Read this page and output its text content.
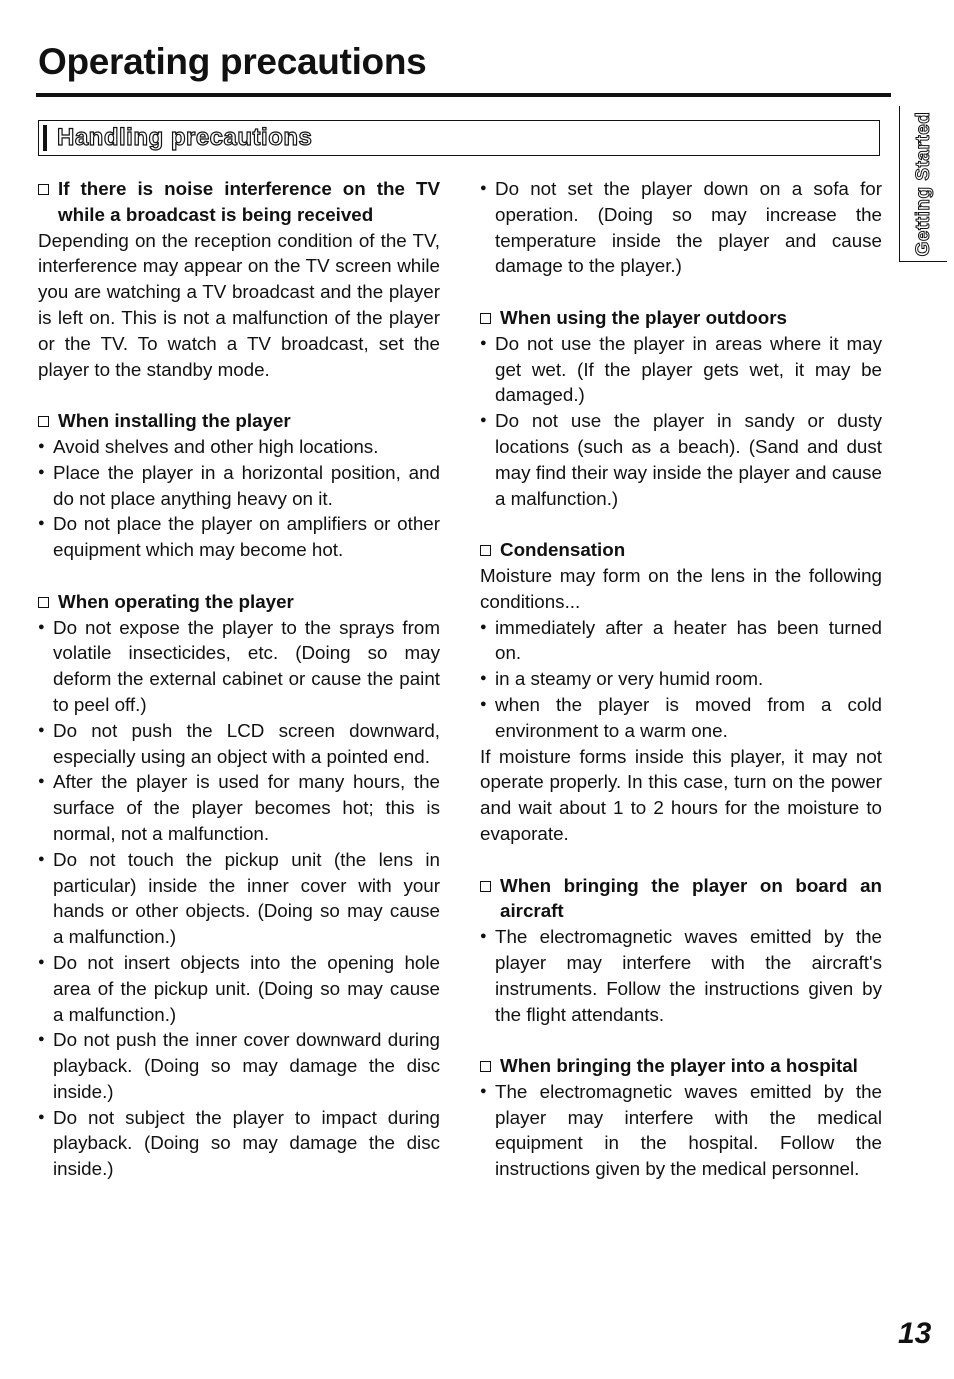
Operating precautions
Handling precautions	Getting Started
If there is noise interference on the TV while a broadcast is being received
Depending on the reception condition of the TV, interference may appear on the TV screen while you are watching a TV broadcast and the player is left on. This is not a malfunction of the player or the TV. To watch a TV broadcast, set the player to the standby mode.
When installing the player
● Avoid shelves and other high locations.
● Place the player in a horizontal position, and do not place anything heavy on it.
● Do not place the player on amplifiers or other equipment which may become hot.
When operating the player
● Do not expose the player to the sprays from volatile insecticides, etc. (Doing so may deform the external cabinet or cause the paint to peel off.)
● Do not push the LCD screen downward, especially using an object with a pointed end.
● After the player is used for many hours, the surface of the player becomes hot; this is normal, not a malfunction.
● Do not touch the pickup unit (the lens in particular) inside the inner cover with your hands or other objects. (Doing so may cause a malfunction.)
● Do not insert objects into the opening hole area of the pickup unit. (Doing so may cause a malfunction.)
● Do not push the inner cover downward during playback. (Doing so may damage the disc inside.)
● Do not subject the player to impact during playback. (Doing so may damage the disc inside.)
● Do not set the player down on a sofa for operation. (Doing so may increase the temperature inside the player and cause damage to the player.)
When using the player outdoors
● Do not use the player in areas where it may get wet. (If the player gets wet, it may be damaged.)
● Do not use the player in sandy or dusty locations (such as a beach). (Sand and dust may find their way inside the player and cause a malfunction.)
Condensation
Moisture may form on the lens in the following conditions...
● immediately after a heater has been turned on.
● in a steamy or very humid room.
● when the player is moved from a cold environment to a warm one.
If moisture forms inside this player, it may not operate properly. In this case, turn on the power and wait about 1 to 2 hours for the moisture to evaporate.
When bringing the player on board an aircraft
● The electromagnetic waves emitted by the player may interfere with the aircraft's instruments. Follow the instructions given by the flight attendants.
When bringing the player into a hospital
● The electromagnetic waves emitted by the player may interfere with the medical equipment in the hospital. Follow the instructions given by the medical personnel.
13
